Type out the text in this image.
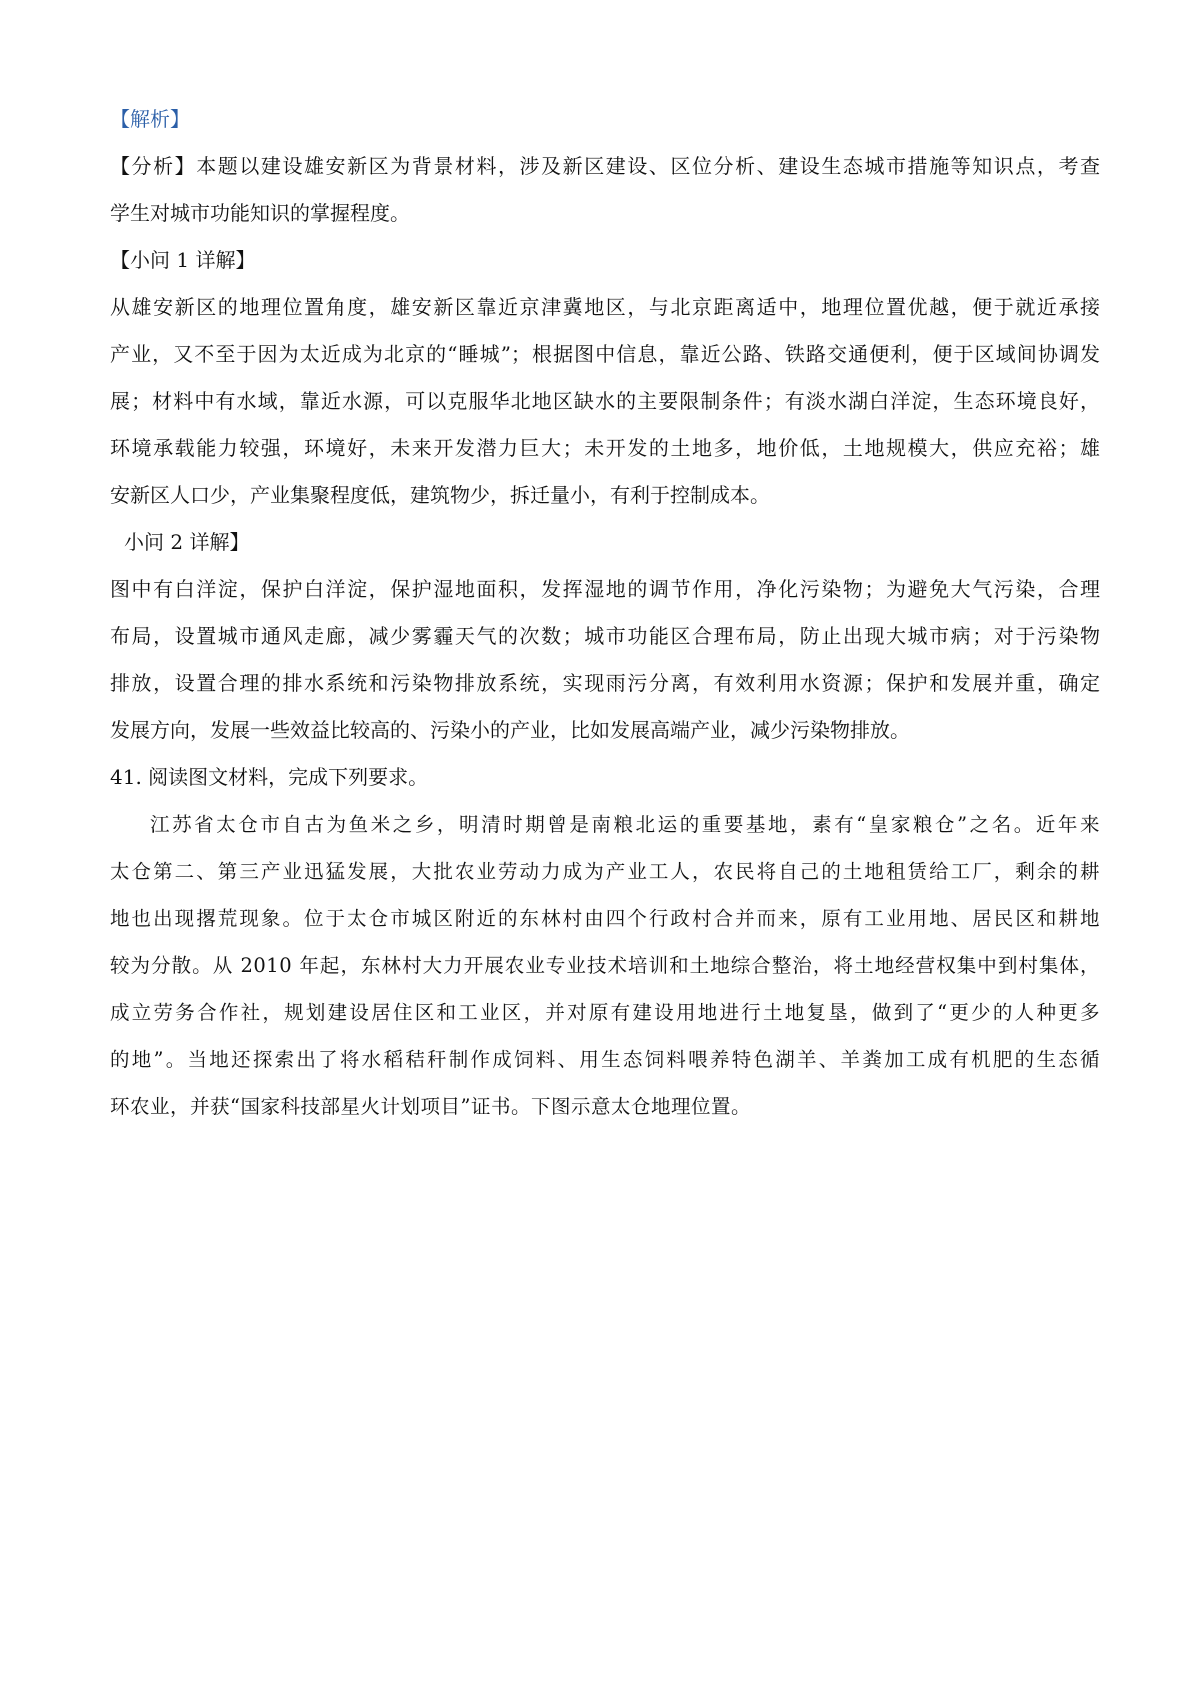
【解析】
【分析】本题以建设雄安新区为背景材料，涉及新区建设、区位分析、建设生态城市措施等知识点，考查
学生对城市功能知识的掌握程度。
【小问 1 详解】
从雄安新区的地理位置角度，雄安新区靠近京津冀地区，与北京距离适中，地理位置优越，便于就近承接
产业，又不至于因为太近成为北京的“睡城”；根据图中信息，靠近公路、铁路交通便利，便于区域间协调发
展；材料中有水域，靠近水源，可以克服华北地区缺水的主要限制条件；有淡水湖白洋淀，生态环境良好，
环境承载能力较强，环境好，未来开发潜力巨大；未开发的土地多，地价低，土地规模大，供应充裕；雄
安新区人口少，产业集聚程度低，建筑物少，拆迁量小，有利于控制成本。
小问 2 详解】
图中有白洋淀，保护白洋淀，保护湿地面积，发挥湿地的调节作用，净化污染物；为避免大气污染，合理
布局，设置城市通风走廊，减少雾霾天气的次数；城市功能区合理布局，防止出现大城市病；对于污染物
排放，设置合理的排水系统和污染物排放系统，实现雨污分离，有效利用水资源；保护和发展并重，确定
发展方向，发展一些效益比较高的、污染小的产业，比如发展高端产业，减少污染物排放。
41. 阅读图文材料，完成下列要求。
江苏省太仓市自古为鱼米之乡，明清时期曾是南粮北运的重要基地，素有“皇家粮仓”之名。近年来
太仓第二、第三产业迅猛发展，大批农业劳动力成为产业工人，农民将自己的土地租赁给工厂，剩余的耕
地也出现撂荒现象。位于太仓市城区附近的东林村由四个行政村合并而来，原有工业用地、居民区和耕地
较为分散。从 2010 年起，东林村大力开展农业专业技术培训和土地综合整治，将土地经营权集中到村集体，
成立劳务合作社，规划建设居住区和工业区，并对原有建设用地进行土地复垦，做到了“更少的人种更多
的地”。当地还探索出了将水稻秸秆制作成饲料、用生态饲料喂养特色湖羊、羊粪加工成有机肥的生态循
环农业，并获“国家科技部星火计划项目”证书。下图示意太仓地理位置。
